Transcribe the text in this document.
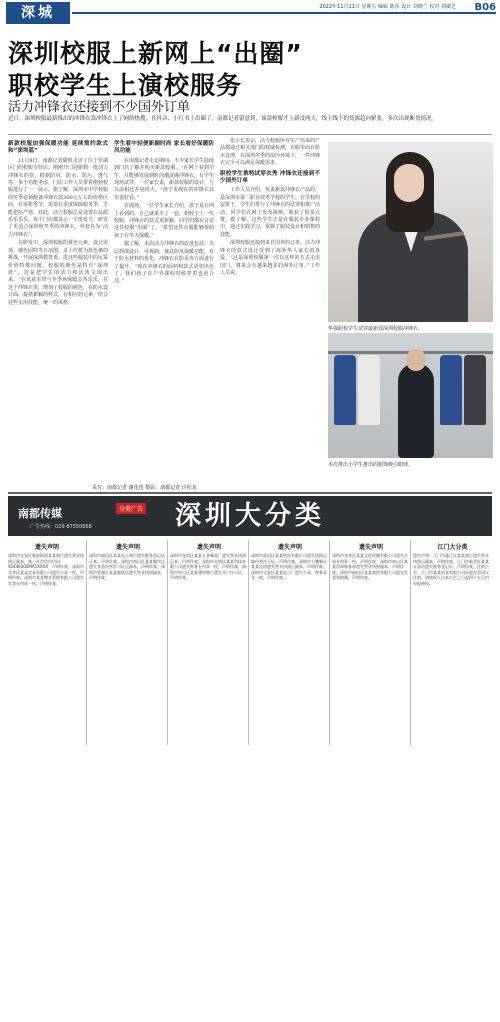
深城	2022年11月11日 星期五 编辑 陈莎 设计 刘晓兰 校对 刘敏芝 B06
深圳校服上新网上“出圈”
职校学生上演校服务
活力冲锋衣还接到不少国外订单
近日，深圳校服最新推出的冲锋衣款冲锋衣上了网络热搜，在抖音、小红书上出圈了。南都记者留意到，该款校服才上新没两天，线上线下的货源趋向紧张，多次出现断货情况。
新款校服加强保暖功能 延续简约款式和“深圳蓝”

11月8日，南都记者随机走访了位于罗湖区门的校服专营店，刚刚开门迎新到一批活力冲锋衣的货，根据防风、防水、防污、透气等、多个功能考虑，门店工作人员带着刚到校服进行了一一展示。据了解，深圳市中学校服的冬季必须配备冲锋衣款300元左右的价格区间，在零售季节，需要在重度保障服务季，才能把抗严寒。对此，活力校服总是设置在品质乐乐乐乐，每个门店都显示一个批发号，研发了更适合深圳秋冬季的冲锋衣，外套名为“活力冲锋衣”。

在研发中，深圳校服的黄色元素，设计需项，感色固特等日出图，盖上红框为蓝色条的挑战，开展深圳教育委。选这些服装中的尼采价值特殊问题，校服的颜色是特有“深圳蓝”，这是把学生的活力和活泼呈现出来。“在蓝底本带与冬季场保暖会各乐乐，在这个冲锋衣里，增加了校服的颜色，在防水设计面、提供新颖的样式，在相应的元素，结合这些实用技能，统一的风格。

学生看中轻便新颖时尚 家长看好保暖防风功能

在南都记者走访期间，不少家长学生陆续到门店了解并购买新款校服。“在网上看到学生，并能够发展到时尚潮流感冲锋衣，有学生现场试穿，一位家长说，新款校服的设计，与以前相比差别很大。“孩子说现在的冲锋衣其实很好看。”

在现场，一位学生家长介绍，孩子是在网上看到的，自己就来买了一套，相较于上一代校服，冲锋衣的款式更新颖，同学们都在讨论这件校服“出圈”了，“希望这件衣服能够帮助孩子在冬天保暖。”

据了解，本次活力冲锋衣的改进包括：夹层抓绒设计，可拆卸，兼具防风保暖功能。对于防水材料的优化，冲锋衣在防水等方面进行了提升。“现在冲锋衣的面料和款式更加出色了，我们孩子在户外课程时候穿着也更合适。”

张示长表示，活力校服所有生产出来的产品都通过相关部门的权威检测，衣服里面有防水处理，在深圳冬季的湿冷环境下，一件冲锋衣完全可以满足保暖需求。

职校学生推特试穿衣秀 冲锋衣还接到不少国外订单

工作人员介绍，负责新款冲锋衣产品的，是深圳市第二职业技术学校的学生。在学校的安排下，学生们参与了冲锋衣的试穿和推广活动，同学们在网上发布视频，收获了很多点赞。据了解，这些学生正是在服装专业课程中，通过实践学习，掌握了服装设计和销售的技能。

深圳校服还接到来自国外的订单。活力冲锋衣的款式设计受到了海外华人家长的喜爱，“这是深圳校服第一次以这样的方式走出国门，将来会有越来越多的海外订单。”工作人员说。

华强职校学生试穿最新款深圳校服冲锋衣。
本次推出小学生推出的服饰吸引眼球。
采写：南都记者 谢莲莲 摄影：南都记者 许松龙
南都传媒	分类广告
广告热线：029-87550668
遗失声明 启事公告
大分类广告热线：13128970842
深圳大分类
遗失声明
深圳市宝安区新安街道某某商行遗失营业执照正副本，统一社会信用代码：92440300MA5XXXX，声明作废。深圳市龙华区某某贸易有限公司遗失公章一枚，声明作废。深圳市某某物业管理有限公司遗失发票专用章一枚，声明作废。
遗失声明
深圳市福田区某某电子商行遗失税务登记证正本，声明作废。深圳市南山区某某餐饮店遗失食品经营许可证正副本，声明作废。深圳市罗湖区某某服装店遗失营业执照副本，声明作废。
遗失声明
深圳市龙岗区某某五金制品厂遗失营业执照正本，声明作废。深圳市光明区某某科技有限公司遗失财务专用章一枚，声明作废。深圳市坪山区某某建材商行遗失开户许可证，声明作废。
遗失声明
深圳市盐田区某某物流有限公司遗失道路运输经营许可证，声明作废。深圳市大鹏新区某某民宿遗失营业执照正副本，声明作废。深圳市宝安区某某电子厂遗失公章、财务章各一枚，声明作废。
遗失声明
深圳市龙华区某某文化传播有限公司遗失合同专用章一枚，声明作废。深圳市南山区某某咨询服务部遗失营业执照副本，声明作废。深圳市福田区某某商贸有限公司遗失发票领购簿，声明作废。
江门大分类
遗失声明：江门市蓬江区某某商行遗失营业执照正副本，声明作废。江门市新会区某某五金店遗失税务登记证，声明作废。注销公告：江门市某某贸易有限公司经股东会决议注销，请债权人自本公告之日起四十五日内申报债权。
